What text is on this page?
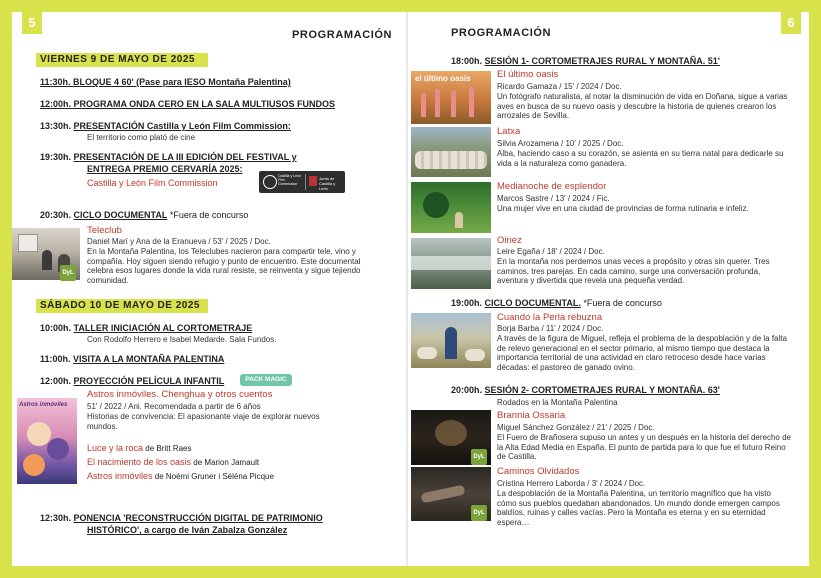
5	6
PROGRAMACIÓN	PROGRAMACIÓN
VIERNES 9 DE MAYO DE 2025
11:30h. BLOQUE 4 60' (Pase para IESO Montaña Palentina)
12:00h. PROGRAMA ONDA CERO EN LA SALA MULTIUSOS FUNDOS
13:30h. PRESENTACIÓN Castilla y León Film Commission:
El territorio como plató de cine
19:30h. PRESENTACIÓN DE LA III EDICIÓN DEL FESTIVAL y
ENTREGA PREMIO CERVARÍA 2025:
Castilla y León Film Commission
Castilla y León Film Commission
Junta de Castilla y León
20:30h. CICLO DOCUMENTAL *Fuera de concurso
DyL
Teleclub
Daniel Marí y Ana de la Eranueva / 53' / 2025 / Doc.
En la Montaña Palentina, los Teleclubes nacieron para compartir tele, vino y compañía. Hoy siguen siendo refugio y punto de encuentro. Este documental celebra esos lugares donde la vida rural resiste, se reinventa y sigue tejiendo comunidad.
SÁBADO 10 DE MAYO DE 2025
10:00h. TALLER INICIACIÓN AL CORTOMETRAJE
Con Rodolfo Herrero e Isabel Medarde. Sala Fundos.
11:00h. VISITA A LA MONTAÑA PALENTINA
12:00h. PROYECCIÓN PELÍCULA INFANTIL	PACK MAGIC
Astros inmóviles
Astros inmóviles. Chenghua y otros cuentos
51' / 2022 / Ani. Recomendada a partir de 6 años
Historias de convivencia: El apasionante viaje de explorar nuevos mundos.
Luce y la roca de Britt Raes
El nacimiento de los oasis de Marion Jamault
Astros inmóviles de Noémi Gruner i Séléna Picque
12:30h. PONENCIA 'RECONSTRUCCIÓN DIGITAL DE PATRIMONIO
HISTÓRICO', a cargo de Iván Zabalza González
18:00h. SESIÓN 1- CORTOMETRAJES RURAL Y MONTAÑA. 51'
el último oasis	El último oasis
Ricardo Gamaza / 15' / 2024 / Doc.
Un fotógrafo naturalista, al notar la disminución de vida en Doñana, sigue a varias aves en busca de su nuevo oasis y descubre la historia de quienes crearon los arrozales de Sevilla.
Latxa
Silvia Arozamena / 10' / 2025 / Doc.
Alba, haciendo caso a su corazón, se asienta en su tierra natal para dedicarle su vida a la naturaleza como ganadera.
Medianoche de esplendor
Marcos Sastre / 13' / 2024 / Fic.
Una mujer vive en una ciudad de provincias de forma rutinaria e infeliz.
Oinez
Leire Egaña / 18' / 2024 / Doc.
En la montaña nos perdemos unas veces a propósito y otras sin querer. Tres caminos, tres parejas. En cada camino, surge una conversación profunda, aventura y divertida que revela una pequeña verdad.
19:00h. CICLO DOCUMENTAL. *Fuera de concurso
Cuando la Perla rebuzna
Borja Barba / 11' / 2024 / Doc.
A través de la figura de Miguel, refleja el problema de la despoblación y de la falta de relevo generacional en el sector primario, al mismo tiempo que destaca la importancia territorial de una actividad en claro retroceso desde hace varias décadas: el pastoreo de ganado ovino.
20:00h. SESIÓN 2- CORTOMETRAJES RURAL Y MONTAÑA. 63'
Rodados en la Montaña Palentina
DyL
Brannia Ossaria
Miguel Sánchez González / 21' / 2025 / Doc.
El Fuero de Brañosera supuso un antes y un después en la historia del derecho de la Alta Edad Media en España. El punto de partida para lo que fue el futuro Reino de Castilla.
DyL
Caminos Olvidados
Cristina Herrero Laborda / 3' / 2024 / Doc.
La despoblación de la Montaña Palentina, un territorio magnífico que ha visto cómo sus pueblos quedaban abandonados. Un mundo donde emergen campos baldíos, ruinas y calles vacías. Pero la Montaña es eterna y en su eternidad espera…
